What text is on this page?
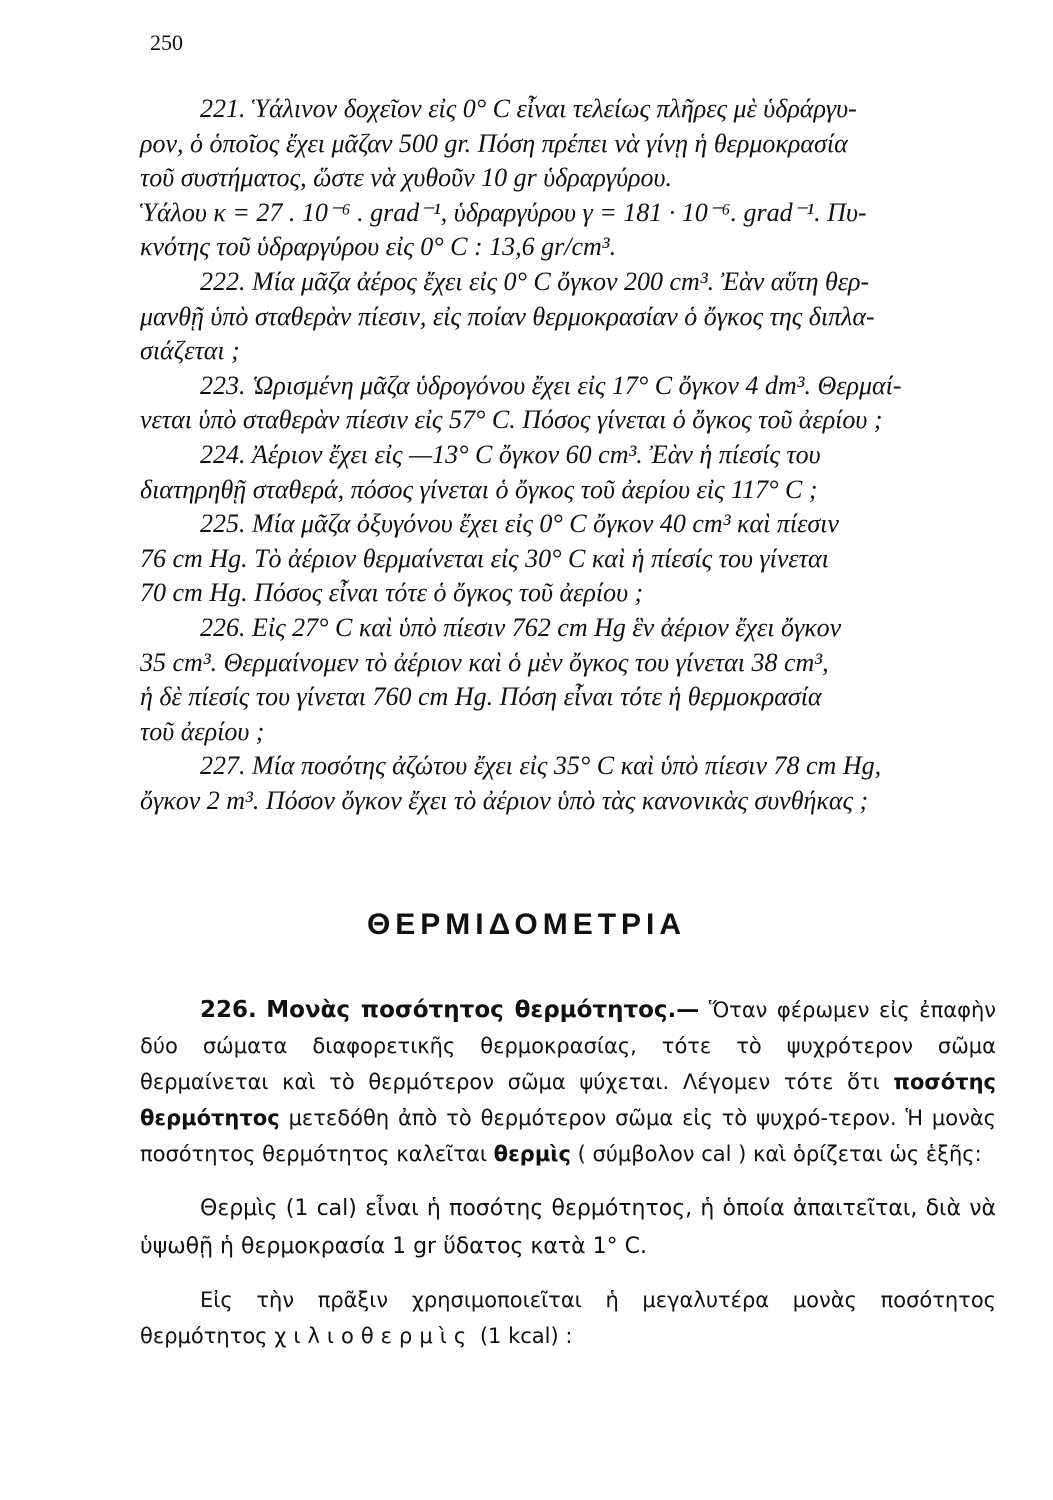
250

221. Ὑάλινον δοχεῖον εἰς 0° C εἶναι τελείως πλῆρες μὲ ὑδράργυ-
ρον, ὁ ὁποῖος ἔχει μᾶζαν 500 gr. Πόση πρέπει νὰ γίνῃ ἡ θερμοκρασία
τοῦ συστήματος, ὥστε νὰ χυθοῦν 10 gr ὑδραργύρου.
Ὑάλου κ = 27 . 10⁻⁶ . grad⁻¹, ὑδραργύρου γ = 181 · 10⁻⁶. grad⁻¹. Πυ-
κνότης τοῦ ὑδραργύρου εἰς 0° C : 13,6 gr/cm³.

222. Μία μᾶζα ἀέρος ἔχει εἰς 0° C ὄγκον 200 cm³. Ἐὰν αὕτη θερ-
μανθῇ ὑπὸ σταθερὰν πίεσιν, εἰς ποίαν θερμοκρασίαν ὁ ὄγκος της διπλα-
σιάζεται ;

223. Ὡρισμένη μᾶζα ὑδρογόνου ἔχει εἰς 17° C ὄγκον 4 dm³. Θερμαί-
νεται ὑπὸ σταθερὰν πίεσιν εἰς 57° C. Πόσος γίνεται ὁ ὄγκος τοῦ ἀερίου ;

224. Ἀέριον ἔχει εἰς —13° C ὄγκον 60 cm³. Ἐὰν ἡ πίεσίς του
διατηρηθῇ σταθερά, πόσος γίνεται ὁ ὄγκος τοῦ ἀερίου εἰς 117° C ;

225. Μία μᾶζα ὀξυγόνου ἔχει εἰς 0° C ὄγκον 40 cm³ καὶ πίεσιν
76 cm Hg. Τὸ ἀέριον θερμαίνεται εἰς 30° C καὶ ἡ πίεσίς του γίνεται
70 cm Hg. Πόσος εἶναι τότε ὁ ὄγκος τοῦ ἀερίου ;

226. Εἰς 27° C καὶ ὑπὸ πίεσιν 762 cm Hg ἓν ἀέριον ἔχει ὄγκον
35 cm³. Θερμαίνομεν τὸ ἀέριον καὶ ὁ μὲν ὄγκος του γίνεται 38 cm³,
ἡ δὲ πίεσίς του γίνεται 760 cm Hg. Πόση εἶναι τότε ἡ θερμοκρασία
τοῦ ἀερίου ;

227. Μία ποσότης ἀζώτου ἔχει εἰς 35° C καὶ ὑπὸ πίεσιν 78 cm Hg,
ὄγκον 2 m³. Πόσον ὄγκον ἔχει τὸ ἀέριον ὑπὸ τὰς κανονικὰς συνθήκας ;

ΘΕΡΜΙΔΟΜΕΤΡΙΑ

226. Μονὰς ποσότητος θερμότητος.— Ὅταν φέρωμεν εἰς ἐπαφὴν δύο σώματα διαφορετικῆς θερμοκρασίας, τότε τὸ ψυχρότερον σῶμα θερμαίνεται καὶ τὸ θερμότερον σῶμα ψύχεται. Λέγομεν τότε ὅτι ποσότης θερμότητος μετεδόθη ἀπὸ τὸ θερμότερον σῶμα εἰς τὸ ψυχρό-τερον. Ἡ μονὰς ποσότητος θερμότητος καλεῖται θερμὶς ( σύμβολον cal ) καὶ ὁρίζεται ὡς ἑξῆς:

Θερμὶς (1 cal) εἶναι ἡ ποσότης θερμότητος, ἡ ὁποία ἀπαιτεῖται, διὰ νὰ ὑψωθῇ ἡ θερμοκρασία 1 gr ὕδατος κατὰ 1° C.

Εἰς τὴν πρᾶξιν χρησιμοποιεῖται ἡ μεγαλυτέρα μονὰς ποσότητος θερμότητος χιλιοθερμὶς (1 kcal) :
